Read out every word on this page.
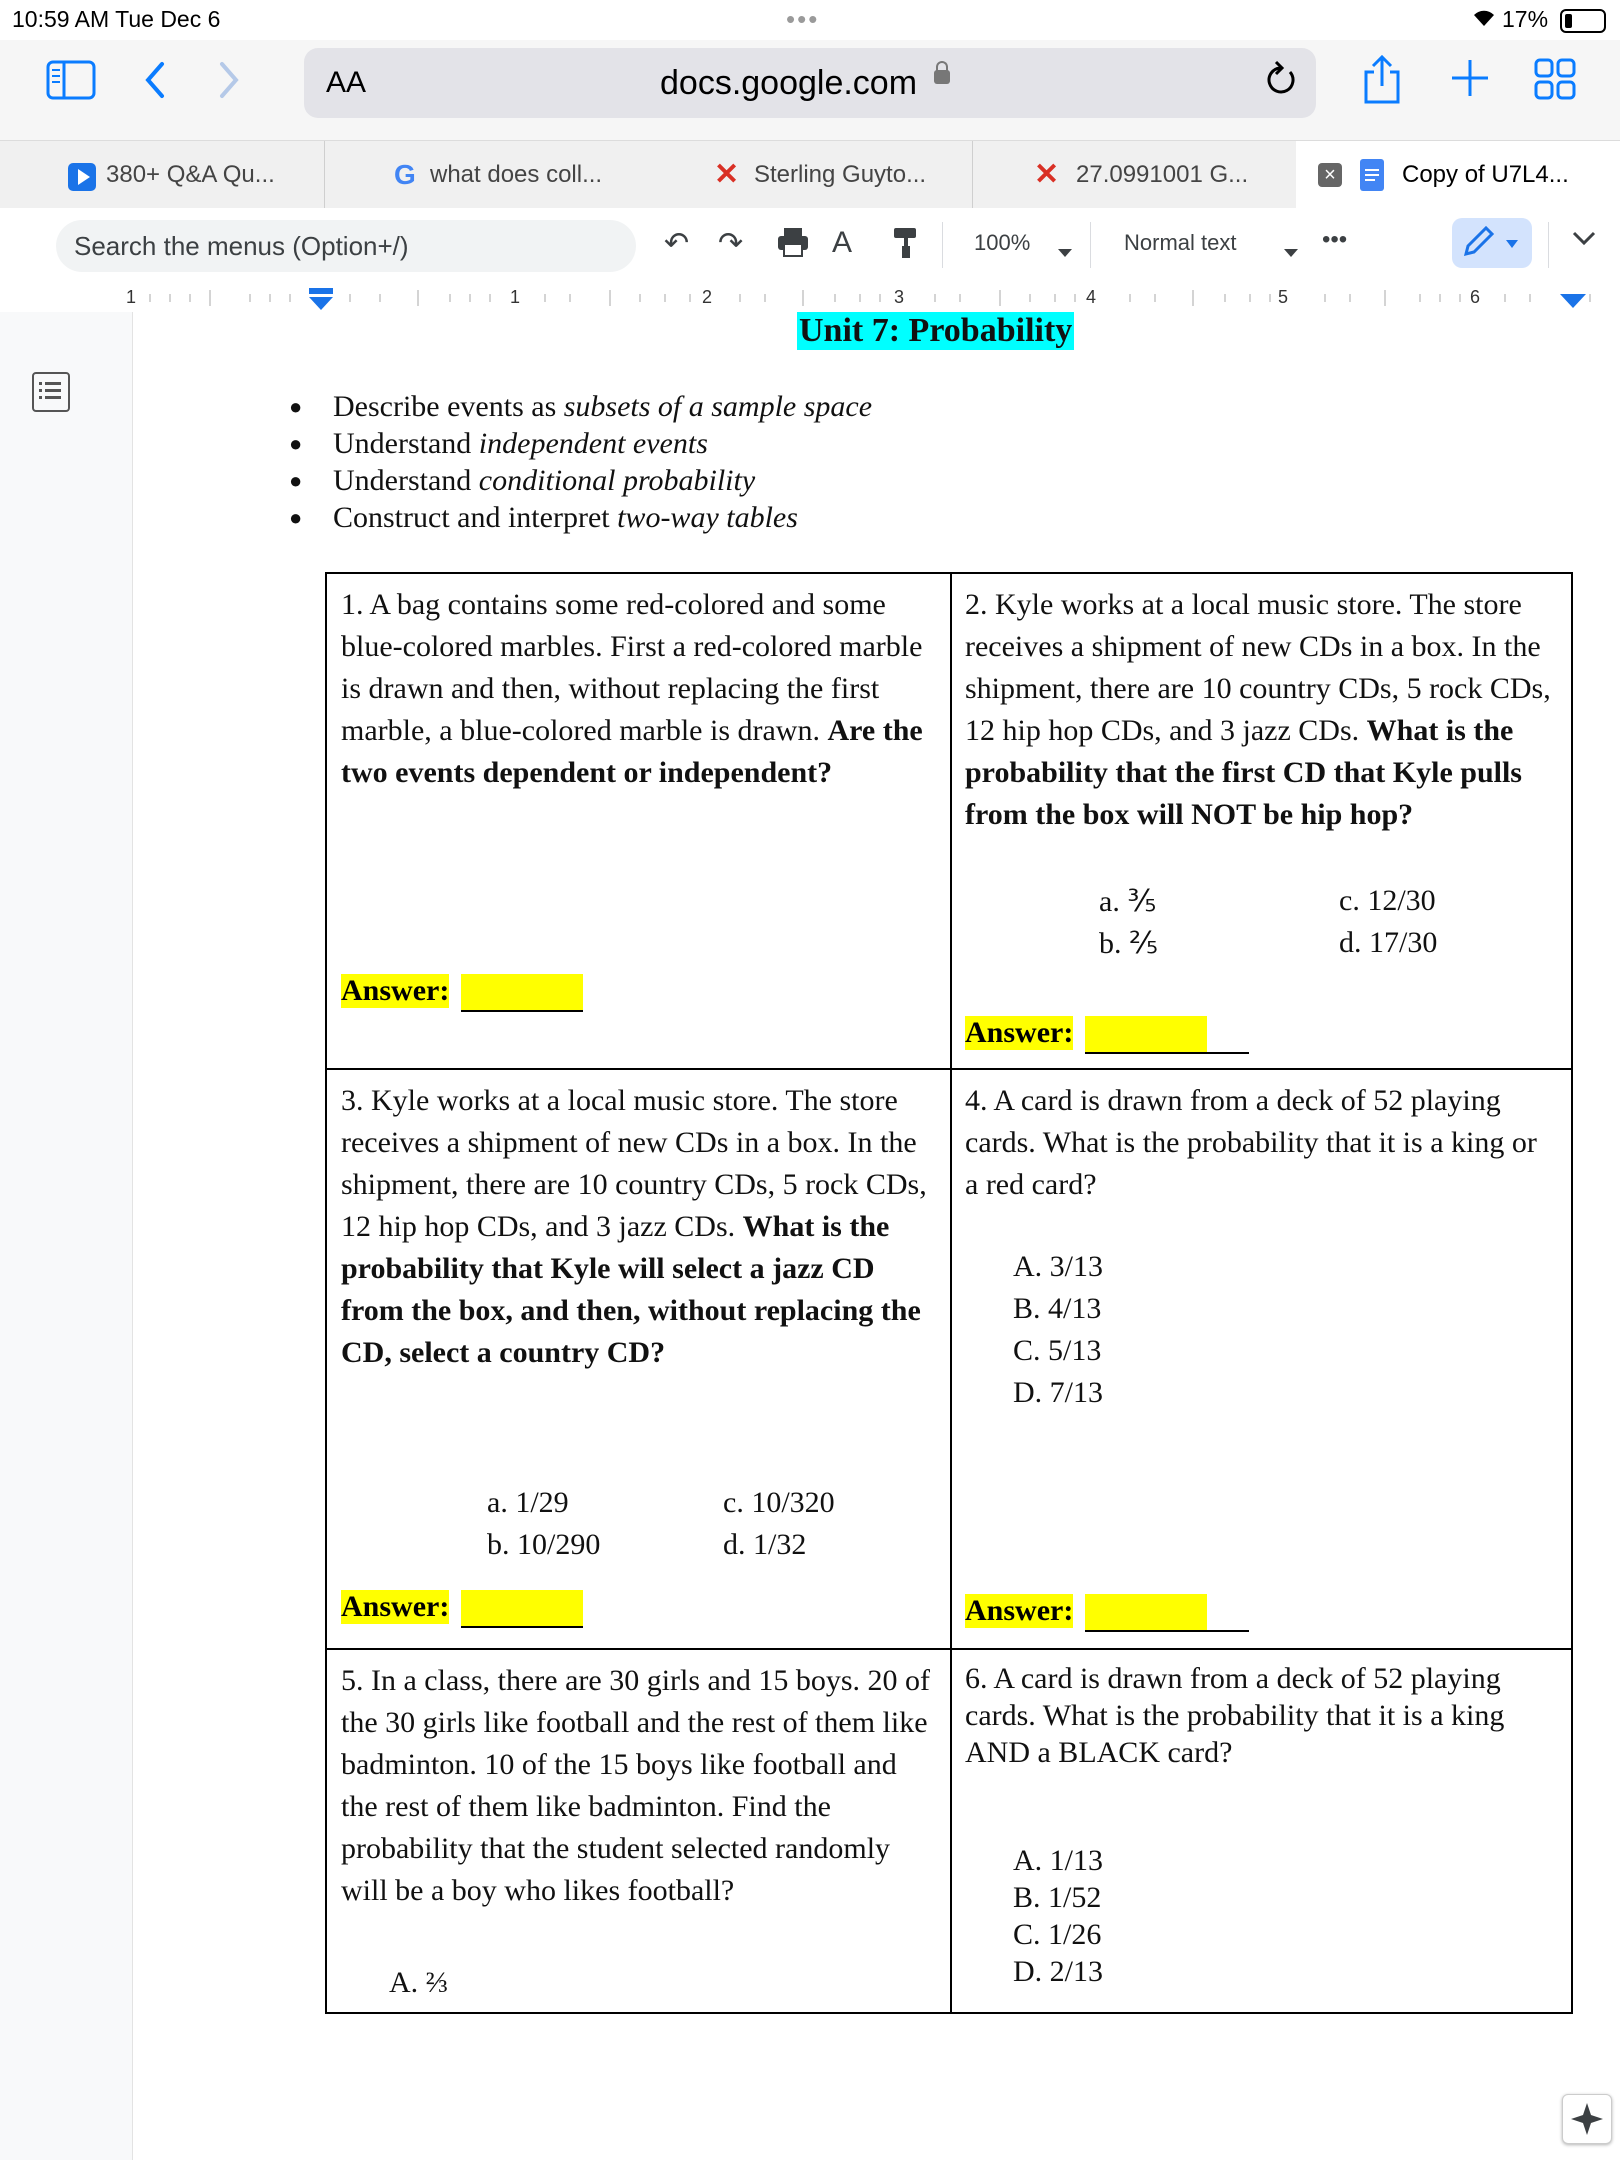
10:59 AM Tue Dec 6	•••	17%
AA	docs.google.com
380+ Q&A Qu...	G what does coll...	✕ Sterling Guyto...	✕ 27.0991001 G...	×	Copy of U7L4...
Search the menus (Option+/)	↶ ↷	A	100%	Normal text	•••
1	1	2	3	4	5	6
Unit 7: Probability
● Describe events as subsets of a sample space
● Understand independent events
● Understand conditional probability
● Construct and interpret two-way tables
1. A bag contains some red-colored and some blue-colored marbles. First a red-colored marble is drawn and then, without replacing the first marble, a blue-colored marble is drawn. Are the two events dependent or independent?
Answer:
2. Kyle works at a local music store. The store receives a shipment of new CDs in a box. In the shipment, there are 10 country CDs, 5 rock CDs, 12 hip hop CDs, and 3 jazz CDs. What is the probability that the first CD that Kyle pulls from the box will NOT be hip hop?
a. ⅗
b. ⅖
c. 12/30
d. 17/30
Answer:
3. Kyle works at a local music store. The store receives a shipment of new CDs in a box. In the shipment, there are 10 country CDs, 5 rock CDs, 12 hip hop CDs, and 3 jazz CDs. What is the probability that Kyle will select a jazz CD from the box, and then, without replacing the CD, select a country CD?
a. 1/29
b. 10/290
c. 10/320
d. 1/32
Answer:
4. A card is drawn from a deck of 52 playing cards. What is the probability that it is a king or a red card?
A. 3/13
B. 4/13
C. 5/13
D. 7/13
Answer:
5. In a class, there are 30 girls and 15 boys. 20 of the 30 girls like football and the rest of them like badminton. 10 of the 15 boys like football and the rest of them like badminton. Find the probability that the student selected randomly will be a boy who likes football?
A. ⅔
6. A card is drawn from a deck of 52 playing cards. What is the probability that it is a king AND a BLACK card?
A. 1/13
B. 1/52
C. 1/26
D. 2/13
